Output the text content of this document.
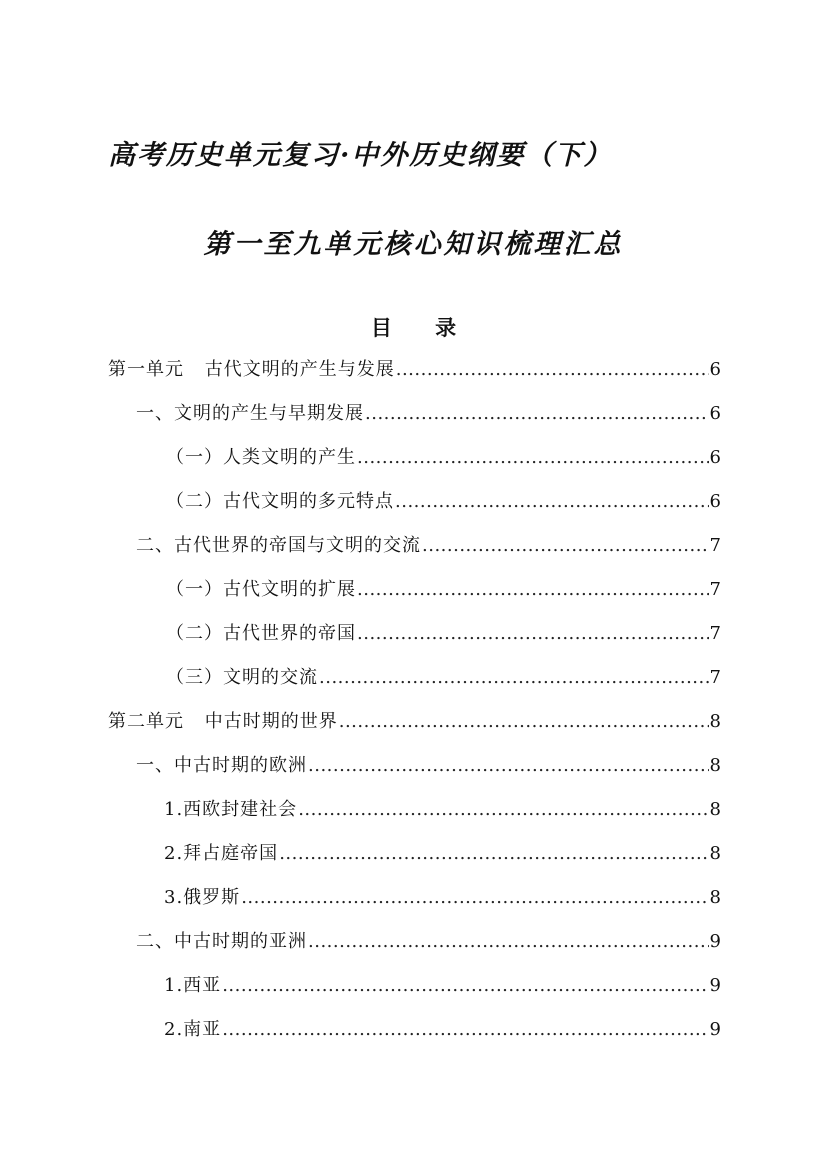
高考历史单元复习·中外历史纲要（下）
第一至九单元核心知识梳理汇总
目 录
第一单元 古代文明的产生与发展 .....	6
一、文明的产生与早期发展 .....	6
（一）人类文明的产生 .....	6
（二）古代文明的多元特点 .....	6
二、古代世界的帝国与文明的交流 .....	7
（一）古代文明的扩展 .....	7
（二）古代世界的帝国 .....	7
（三）文明的交流 .....	7
第二单元 中古时期的世界 .....	8
一、中古时期的欧洲 .....	8
1.西欧封建社会 .....	8
2.拜占庭帝国 .....	8
3.俄罗斯 .....	8
二、中古时期的亚洲 .....	9
1.西亚 .....	9
2.南亚 .....	9
